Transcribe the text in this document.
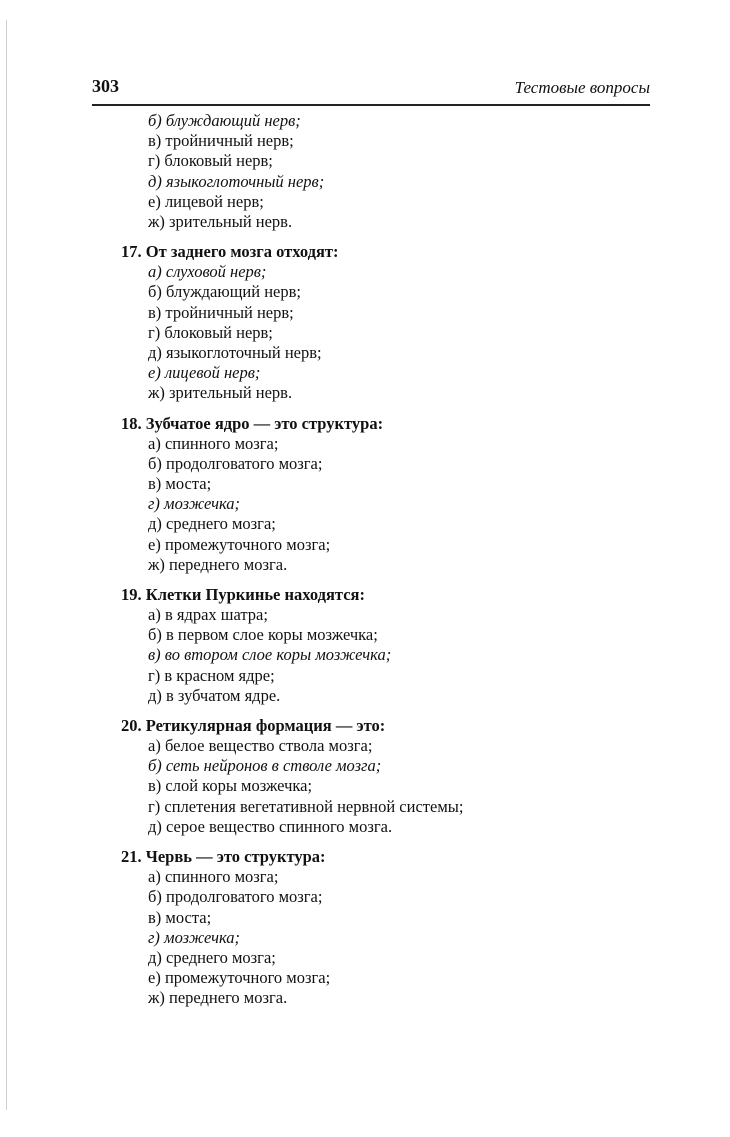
303	Тестовые вопросы
б) блуждающий нерв;
в) тройничный нерв;
г) блоковый нерв;
д) языкоглоточный нерв;
е) лицевой нерв;
ж) зрительный нерв.
17. От заднего мозга отходят:
а) слуховой нерв;
б) блуждающий нерв;
в) тройничный нерв;
г) блоковый нерв;
д) языкоглоточный нерв;
е) лицевой нерв;
ж) зрительный нерв.
18. Зубчатое ядро — это структура:
а) спинного мозга;
б) продолговатого мозга;
в) моста;
г) мозжечка;
д) среднего мозга;
е) промежуточного мозга;
ж) переднего мозга.
19. Клетки Пуркинье находятся:
а) в ядрах шатра;
б) в первом слое коры мозжечка;
в) во втором слое коры мозжечка;
г) в красном ядре;
д) в зубчатом ядре.
20. Ретикулярная формация — это:
а) белое вещество ствола мозга;
б) сеть нейронов в стволе мозга;
в) слой коры мозжечка;
г) сплетения вегетативной нервной системы;
д) серое вещество спинного мозга.
21. Червь — это структура:
а) спинного мозга;
б) продолговатого мозга;
в) моста;
г) мозжечка;
д) среднего мозга;
е) промежуточного мозга;
ж) переднего мозга.
